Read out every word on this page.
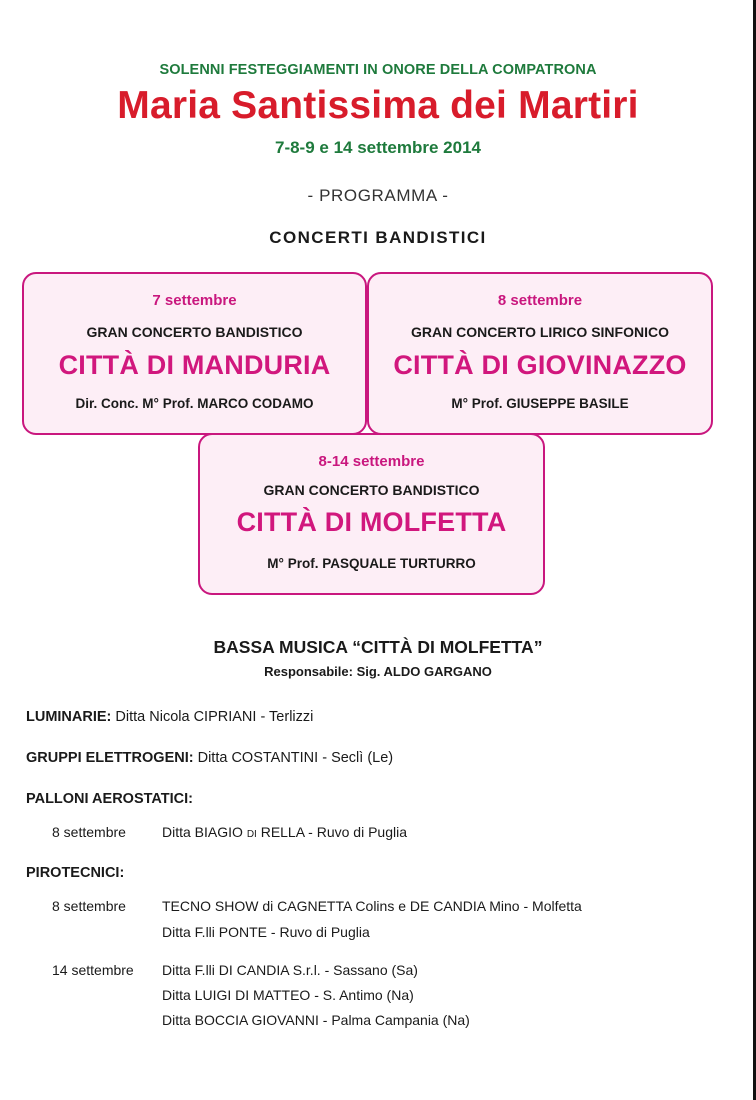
SOLENNI FESTEGGIAMENTI IN ONORE DELLA COMPATRONA
Maria Santissima dei Martiri
7-8-9 e 14 settembre 2014
- PROGRAMMA -
CONCERTI BANDISTICI
7 settembre
GRAN CONCERTO BANDISTICO
CITTÀ DI MANDURIA
Dir. Conc. M° Prof. MARCO CODAMO
8 settembre
GRAN CONCERTO LIRICO SINFONICO
CITTÀ DI GIOVINAZZO
M° Prof. GIUSEPPE BASILE
8-14 settembre
GRAN CONCERTO BANDISTICO
CITTÀ DI MOLFETTA
M° Prof. PASQUALE TURTURRO
BASSA MUSICA “CITTÀ DI MOLFETTA”
Responsabile: Sig. ALDO GARGANO
LUMINARIE: Ditta Nicola CIPRIANI - Terlizzi
GRUPPI ELETTROGENI: Ditta COSTANTINI - Seclì (Le)
PALLONI AEROSTATICI:
8 settembre	Ditta BIAGIO DI RELLA - Ruvo di Puglia
PIROTECNICI:
8 settembre	TECNO SHOW di CAGNETTA Colins e DE CANDIA Mino - Molfetta
Ditta F.lli PONTE - Ruvo di Puglia
14 settembre Ditta F.lli DI CANDIA S.r.l. - Sassano (Sa)
Ditta LUIGI DI MATTEO - S. Antimo (Na)
Ditta BOCCIA GIOVANNI - Palma Campania (Na)
